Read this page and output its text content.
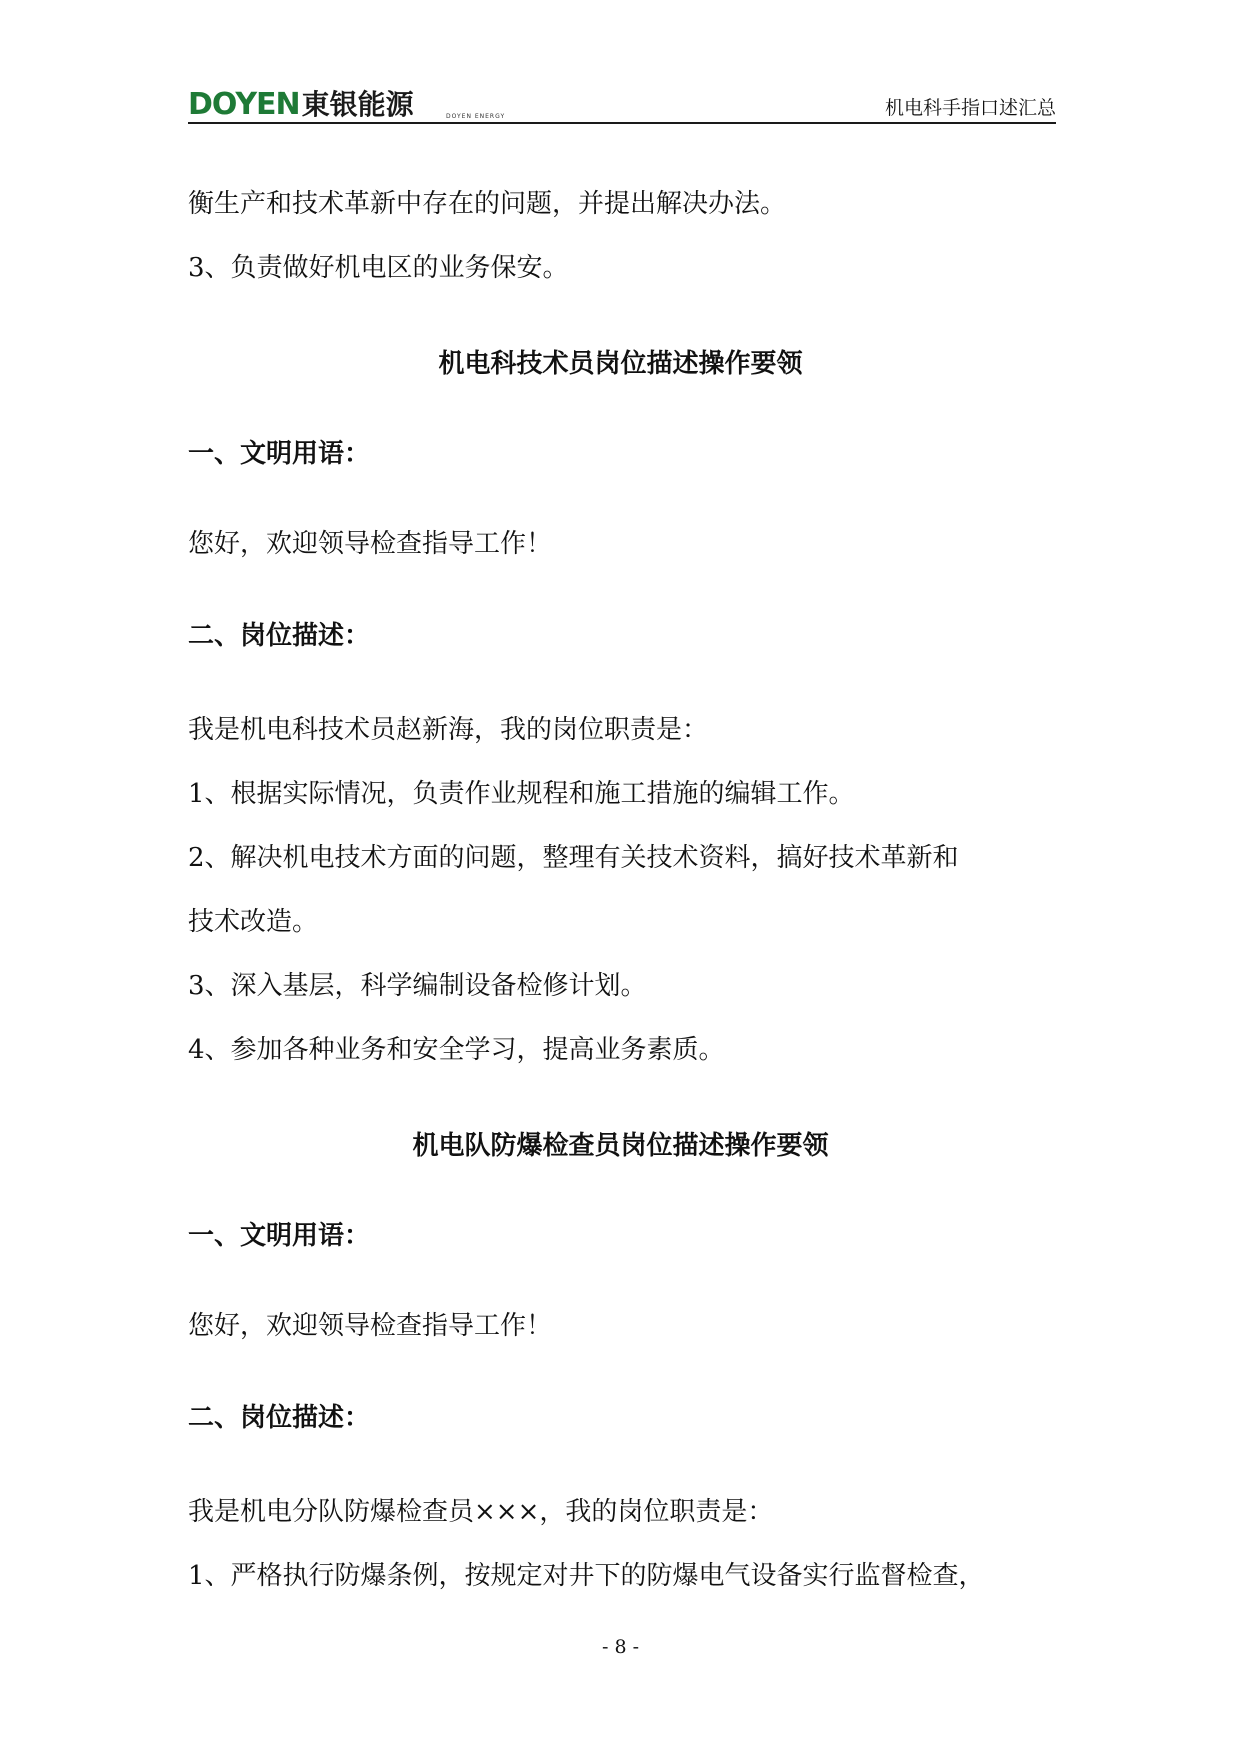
DOYEN 東银能源	DOYEN ENERGY	机电科手指口述汇总
衡生产和技术革新中存在的问题，并提出解决办法。
3、负责做好机电区的业务保安。
机电科技术员岗位描述操作要领
一、文明用语：
您好，欢迎领导检查指导工作！
二、岗位描述：
我是机电科技术员赵新海，我的岗位职责是：
1、根据实际情况，负责作业规程和施工措施的编辑工作。
2、解决机电技术方面的问题，整理有关技术资料，搞好技术革新和
技术改造。
3、深入基层，科学编制设备检修计划。
4、参加各种业务和安全学习，提高业务素质。
机电队防爆检查员岗位描述操作要领
一、文明用语：
您好，欢迎领导检查指导工作！
二、岗位描述：
我是机电分队防爆检查员×××，我的岗位职责是：
1、严格执行防爆条例，按规定对井下的防爆电气设备实行监督检查，
- 8 -
